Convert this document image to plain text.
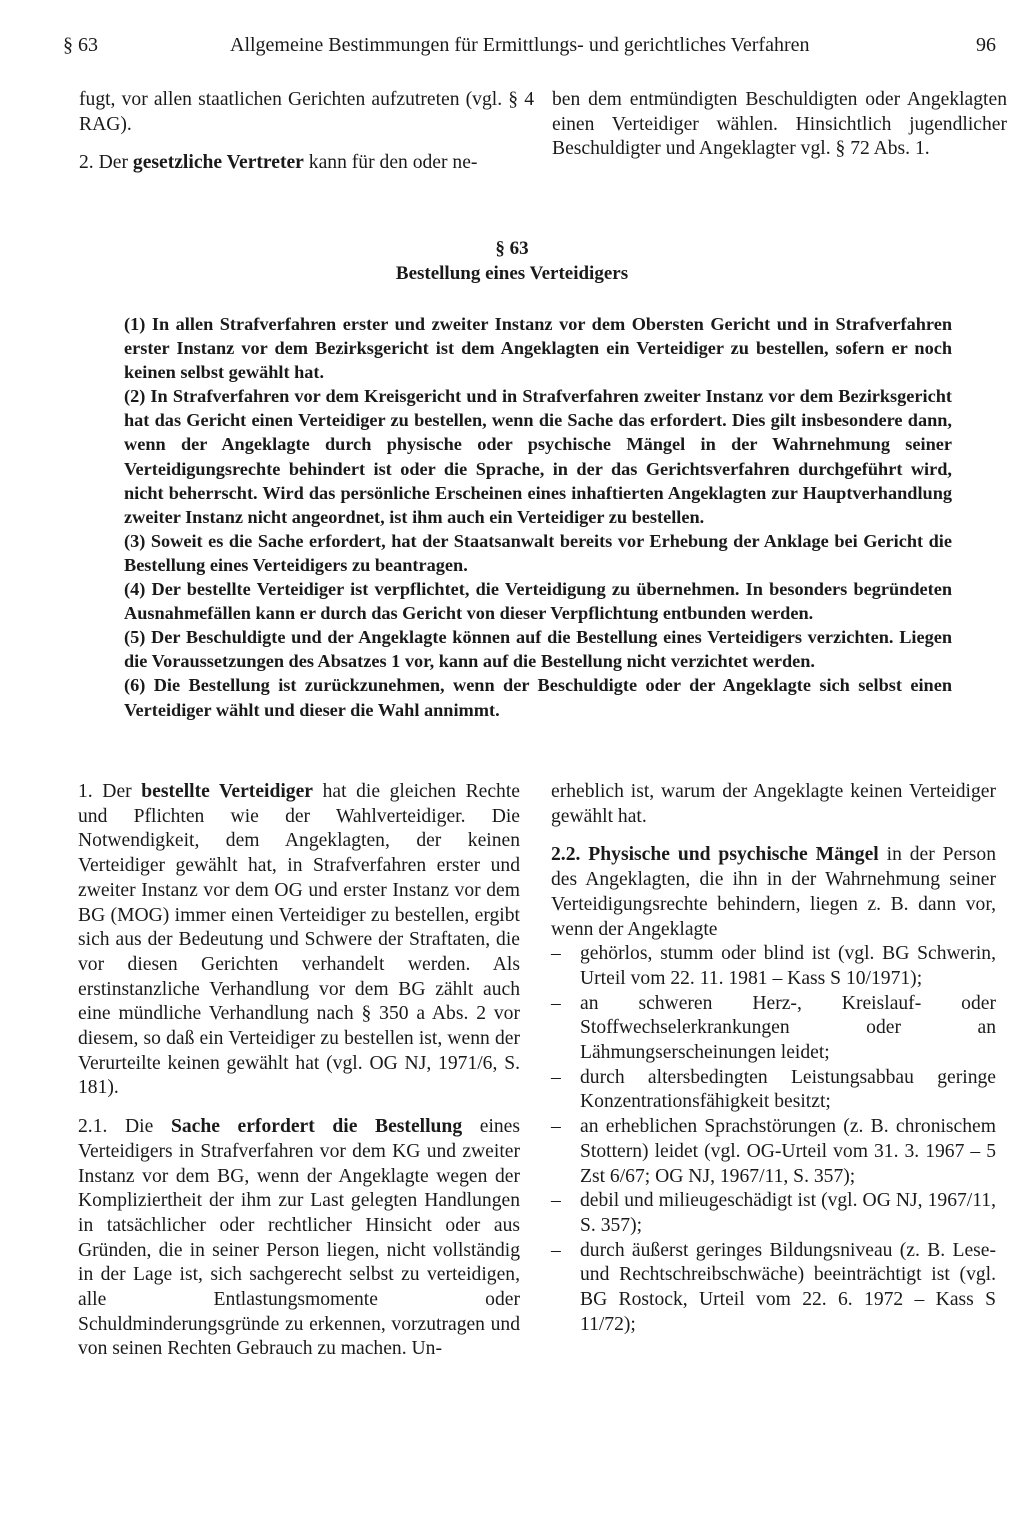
§ 63	Allgemeine Bestimmungen für Ermittlungs- und gerichtliches Verfahren	96

fugt, vor allen staatlichen Gerichten aufzutreten (vgl. § 4 RAG).

2. Der gesetzliche Vertreter kann für den oder ne-

ben dem entmündigten Beschuldigten oder Angeklagten einen Verteidiger wählen. Hinsichtlich jugendlicher Beschuldigter und Angeklagter vgl. § 72 Abs. 1.

§ 63
Bestellung eines Verteidigers

(1) In allen Strafverfahren erster und zweiter Instanz vor dem Obersten Gericht und in Strafverfahren erster Instanz vor dem Bezirksgericht ist dem Angeklagten ein Verteidiger zu bestellen, sofern er noch keinen selbst gewählt hat.

(2) In Strafverfahren vor dem Kreisgericht und in Strafverfahren zweiter Instanz vor dem Bezirksgericht hat das Gericht einen Verteidiger zu bestellen, wenn die Sache das erfordert. Dies gilt insbesondere dann, wenn der Angeklagte durch physische oder psychische Mängel in der Wahrnehmung seiner Verteidigungsrechte behindert ist oder die Sprache, in der das Gerichtsverfahren durchgeführt wird, nicht beherrscht. Wird das persönliche Erscheinen eines inhaftierten Angeklagten zur Hauptverhandlung zweiter Instanz nicht angeordnet, ist ihm auch ein Verteidiger zu bestellen.

(3) Soweit es die Sache erfordert, hat der Staatsanwalt bereits vor Erhebung der Anklage bei Gericht die Bestellung eines Verteidigers zu beantragen.

(4) Der bestellte Verteidiger ist verpflichtet, die Verteidigung zu übernehmen. In besonders begründeten Ausnahmefällen kann er durch das Gericht von dieser Verpflichtung entbunden werden.

(5) Der Beschuldigte und der Angeklagte können auf die Bestellung eines Verteidigers verzichten. Liegen die Voraussetzungen des Absatzes 1 vor, kann auf die Bestellung nicht verzichtet werden.

(6) Die Bestellung ist zurückzunehmen, wenn der Beschuldigte oder der Angeklagte sich selbst einen Verteidiger wählt und dieser die Wahl annimmt.

1. Der bestellte Verteidiger hat die gleichen Rechte und Pflichten wie der Wahlverteidiger. Die Notwendigkeit, dem Angeklagten, der keinen Verteidiger gewählt hat, in Strafverfahren erster und zweiter Instanz vor dem OG und erster Instanz vor dem BG (MOG) immer einen Verteidiger zu bestellen, ergibt sich aus der Bedeutung und Schwere der Straftaten, die vor diesen Gerichten verhandelt werden. Als erstinstanzliche Verhandlung vor dem BG zählt auch eine mündliche Verhandlung nach § 350 a Abs. 2 vor diesem, so daß ein Verteidiger zu bestellen ist, wenn der Verurteilte keinen gewählt hat (vgl. OG NJ, 1971/6, S. 181).

2.1. Die Sache erfordert die Bestellung eines Verteidigers in Strafverfahren vor dem KG und zweiter Instanz vor dem BG, wenn der Angeklagte wegen der Kompliziertheit der ihm zur Last gelegten Handlungen in tatsächlicher oder rechtlicher Hinsicht oder aus Gründen, die in seiner Person liegen, nicht vollständig in der Lage ist, sich sachgerecht selbst zu verteidigen, alle Entlastungsmomente oder Schuldminderungsgründe zu erkennen, vorzutragen und von seinen Rechten Gebrauch zu machen. Un-

erheblich ist, warum der Angeklagte keinen Verteidiger gewählt hat.

2.2. Physische und psychische Mängel in der Person des Angeklagten, die ihn in der Wahrnehmung seiner Verteidigungsrechte behindern, liegen z. B. dann vor, wenn der Angeklagte

– gehörlos, stumm oder blind ist (vgl. BG Schwerin, Urteil vom 22. 11. 1981 – Kass S 10/1971);
– an schweren Herz-, Kreislauf- oder Stoffwechselerkrankungen oder an Lähmungserscheinungen leidet;
– durch altersbedingten Leistungsabbau geringe Konzentrationsfähigkeit besitzt;
– an erheblichen Sprachstörungen (z. B. chronischem Stottern) leidet (vgl. OG-Urteil vom 31. 3. 1967 – 5 Zst 6/67; OG NJ, 1967/11, S. 357);
– debil und milieugeschädigt ist (vgl. OG NJ, 1967/11, S. 357);
– durch äußerst geringes Bildungsniveau (z. B. Lese- und Rechtschreibschwäche) beeinträchtigt ist (vgl. BG Rostock, Urteil vom 22. 6. 1972 – Kass S 11/72);
